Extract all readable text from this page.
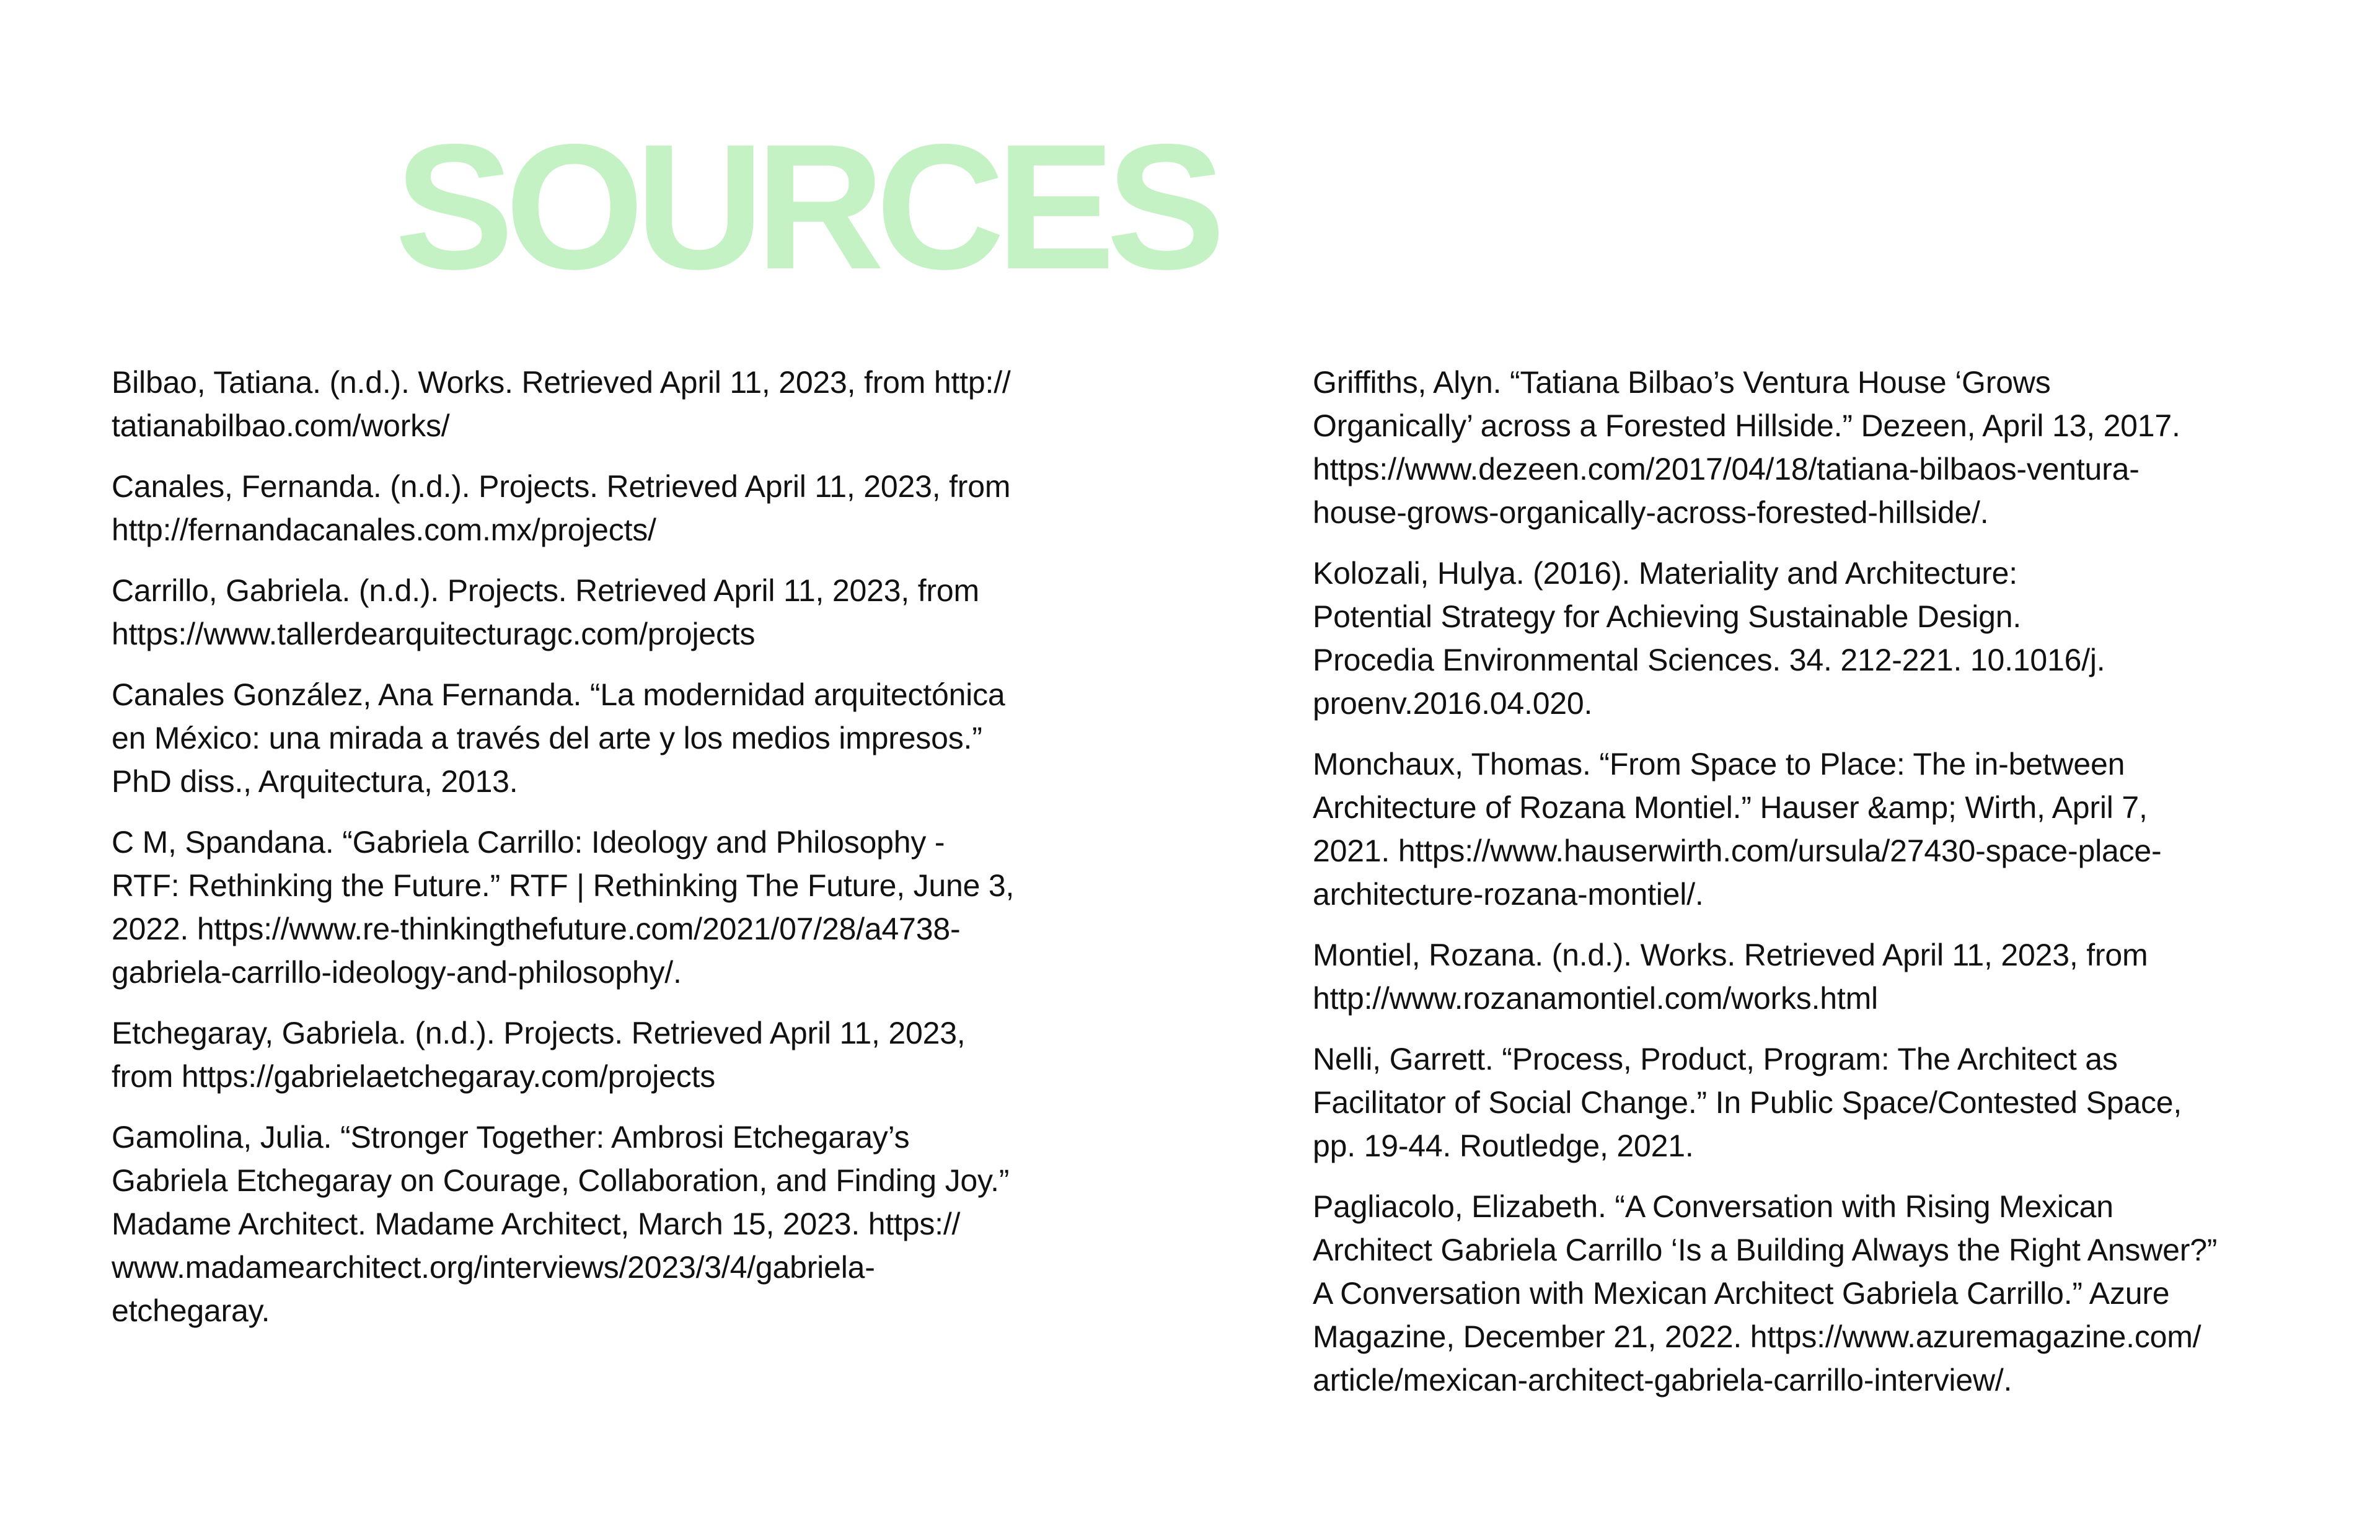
SOURCES

Bilbao, Tatiana. (n.d.). Works. Retrieved April 11, 2023, from http://
tatianabilbao.com/works/

Canales, Fernanda. (n.d.). Projects. Retrieved April 11, 2023, from
http://fernandacanales.com.mx/projects/

Carrillo, Gabriela. (n.d.). Projects. Retrieved April 11, 2023, from
https://www.tallerdearquitecturagc.com/projects

Canales González, Ana Fernanda. “La modernidad arquitectónica
en México: una mirada a través del arte y los medios impresos.”
PhD diss., Arquitectura, 2013.

C M, Spandana. “Gabriela Carrillo: Ideology and Philosophy -
RTF: Rethinking the Future.” RTF | Rethinking The Future, June 3,
2022. https://www.re-thinkingthefuture.com/2021/07/28/a4738-
gabriela-carrillo-ideology-and-philosophy/.

Etchegaray, Gabriela. (n.d.). Projects. Retrieved April 11, 2023,
from https://gabrielaetchegaray.com/projects

Gamolina, Julia. “Stronger Together: Ambrosi Etchegaray’s
Gabriela Etchegaray on Courage, Collaboration, and Finding Joy.”
Madame Architect. Madame Architect, March 15, 2023. https://
www.madamearchitect.org/interviews/2023/3/4/gabriela-
etchegaray.

Griffiths, Alyn. “Tatiana Bilbao’s Ventura House ‘Grows
Organically’ across a Forested Hillside.” Dezeen, April 13, 2017.
https://www.dezeen.com/2017/04/18/tatiana-bilbaos-ventura-
house-grows-organically-across-forested-hillside/.

Kolozali, Hulya. (2016). Materiality and Architecture:
Potential Strategy for Achieving Sustainable Design.
Procedia Environmental Sciences. 34. 212-221. 10.1016/j.
proenv.2016.04.020.

Monchaux, Thomas. “From Space to Place: The in-between
Architecture of Rozana Montiel.” Hauser &amp; Wirth, April 7,
2021. https://www.hauserwirth.com/ursula/27430-space-place-
architecture-rozana-montiel/.

Montiel, Rozana. (n.d.). Works. Retrieved April 11, 2023, from
http://www.rozanamontiel.com/works.html

Nelli, Garrett. “Process, Product, Program: The Architect as
Facilitator of Social Change.” In Public Space/Contested Space,
pp. 19-44. Routledge, 2021.

Pagliacolo, Elizabeth. “A Conversation with Rising Mexican
Architect Gabriela Carrillo ‘Is a Building Always the Right Answer?”
A Conversation with Mexican Architect Gabriela Carrillo.” Azure
Magazine, December 21, 2022. https://www.azuremagazine.com/
article/mexican-architect-gabriela-carrillo-interview/.
